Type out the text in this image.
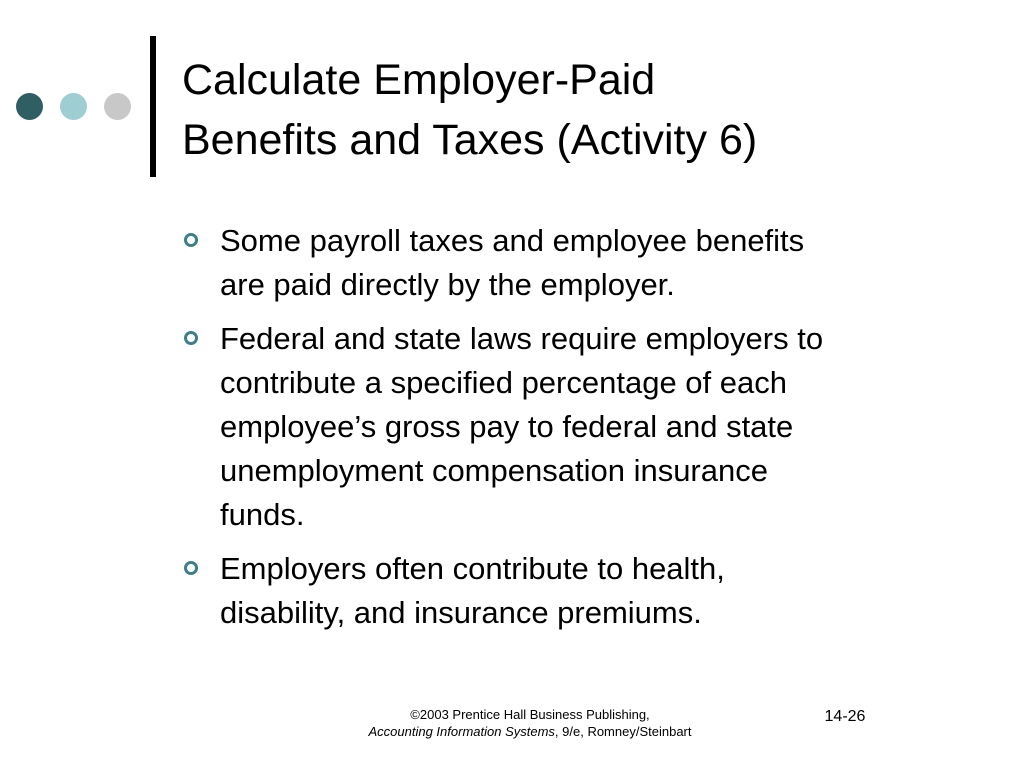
Calculate Employer-Paid
Benefits and Taxes (Activity 6)
Some payroll taxes and employee benefits
are paid directly by the employer.
Federal and state laws require employers to
contribute a specified percentage of each
employee’s gross pay to federal and state
unemployment compensation insurance
funds.
Employers often contribute to health,
disability, and insurance premiums.
©2003 Prentice Hall Business Publishing,
Accounting Information Systems, 9/e, Romney/Steinbart
14-26
